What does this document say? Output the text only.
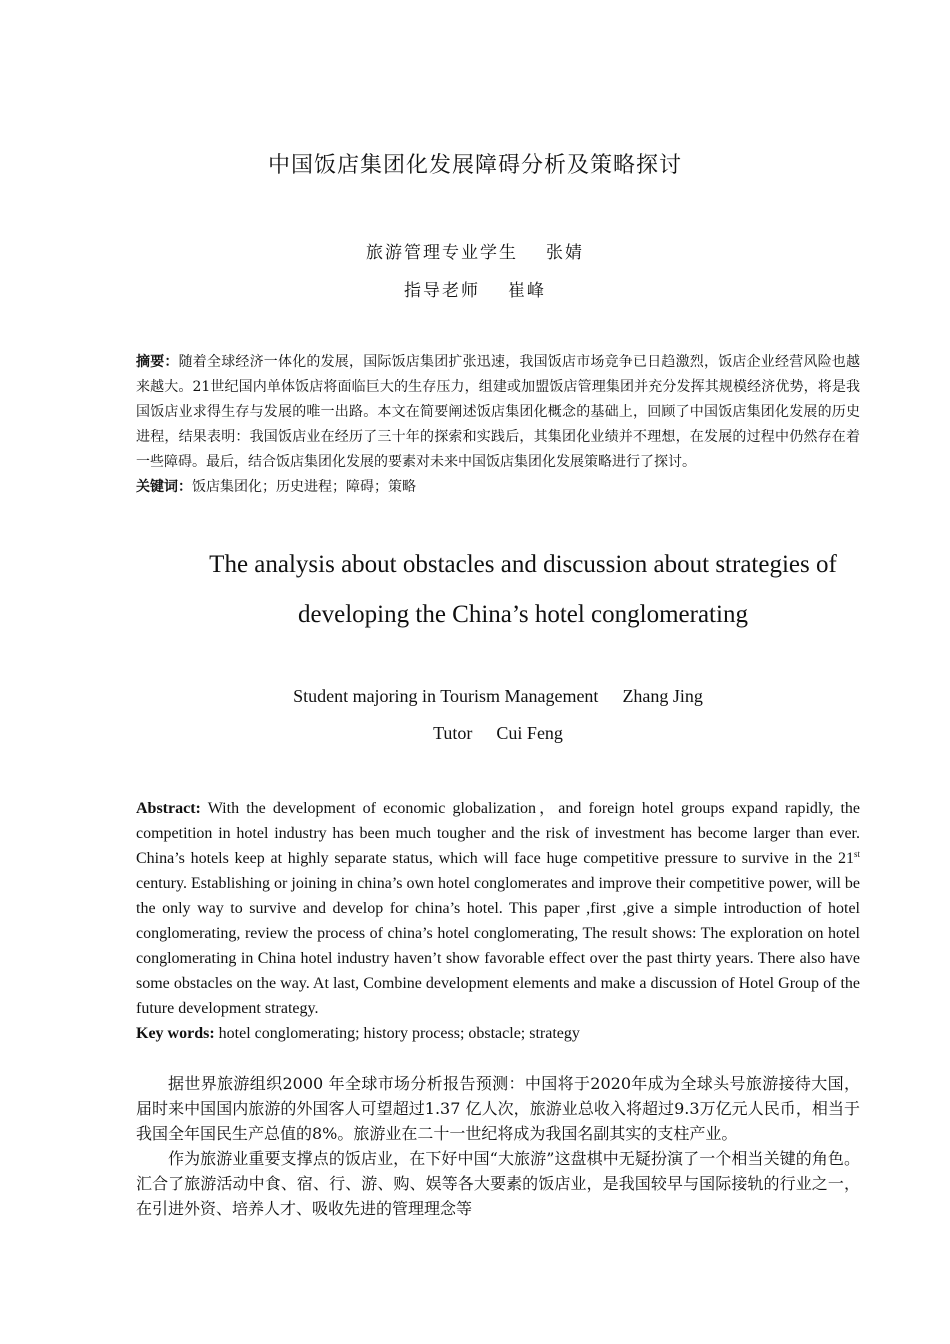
中国饭店集团化发展障碍分析及策略探讨
旅游管理专业学生 张婧
指导老师 崔峰
摘要：随着全球经济一体化的发展，国际饭店集团扩张迅速，我国饭店市场竞争已日趋激烈，饭店企业经营风险也越来越大。21世纪国内单体饭店将面临巨大的生存压力，组建或加盟饭店管理集团并充分发挥其规模经济优势，将是我国饭店业求得生存与发展的唯一出路。本文在简要阐述饭店集团化概念的基础上，回顾了中国饭店集团化发展的历史进程，结果表明：我国饭店业在经历了三十年的探索和实践后，其集团化业绩并不理想，在发展的过程中仍然存在着一些障碍。最后，结合饭店集团化发展的要素对未来中国饭店集团化发展策略进行了探讨。
关键词：饭店集团化；历史进程；障碍；策略
The analysis about obstacles and discussion about strategies of
developing the China’s hotel conglomerating
Student majoring in Tourism Management Zhang Jing
Tutor Cui Feng
Abstract: With the development of economic globalization，and foreign hotel groups expand rapidly, the competition in hotel industry has been much tougher and the risk of investment has become larger than ever. China’s hotels keep at highly separate status, which will face huge competitive pressure to survive in the 21st century. Establishing or joining in china’s own hotel conglomerates and improve their competitive power, will be the only way to survive and develop for china’s hotel. This paper ,first ,give a simple introduction of hotel conglomerating, review the process of china’s hotel conglomerating, The result shows: The exploration on hotel conglomerating in China hotel industry haven’t show favorable effect over the past thirty years. There also have some obstacles on the way. At last, Combine development elements and make a discussion of Hotel Group of the future development strategy.
Key words: hotel conglomerating; history process; obstacle; strategy

据世界旅游组织2000 年全球市场分析报告预测：中国将于2020年成为全球头号旅游接待大国，届时来中国国内旅游的外国客人可望超过1.37 亿人次，旅游业总收入将超过9.3万亿元人民币，相当于我国全年国民生产总值的8%。旅游业在二十一世纪将成为我国名副其实的支柱产业。

作为旅游业重要支撑点的饭店业，在下好中国“大旅游”这盘棋中无疑扮演了一个相当关键的角色。汇合了旅游活动中食、宿、行、游、购、娱等各大要素的饭店业，是我国较早与国际接轨的行业之一，在引进外资、培养人才、吸收先进的管理理念等
